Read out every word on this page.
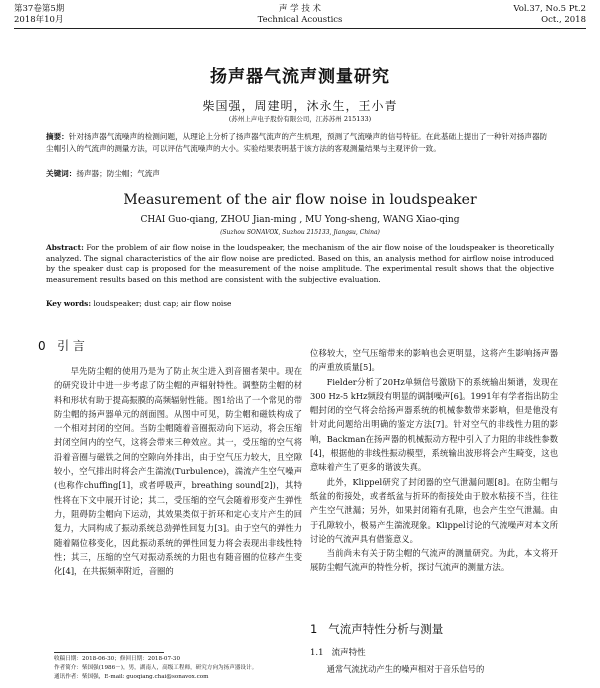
第37卷第5期
2018年10月
声 学 技 术
Technical Acoustics
Vol.37, No.5 Pt.2
Oct., 2018
扬声器气流声测量研究
柴国强，周建明，沐永生，王小青
(苏州上声电子股份有限公司，江苏苏州 215133)
摘要：针对扬声器气流噪声的检测问题，从理论上分析了扬声器气流声的产生机理，预测了气流噪声的信号特征。在此基础上提出了一种针对扬声器防尘帽引入的气流声的测量方法，可以评估气流噪声的大小。实验结果表明基于该方法的客观测量结果与主观评价一致。
关键词：扬声器；防尘帽；气流声
Measurement of the air flow noise in loudspeaker
CHAI Guo-qiang, ZHOU Jian-ming , MU Yong-sheng, WANG Xiao-qing
(Suzhou SONAVOX, Suzhou 215133, Jiangsu, China)
Abstract: For the problem of air flow noise in the loudspeaker, the mechanism of the air flow noise of the loudspeaker is theoretically analyzed. The signal characteristics of the air flow noise are predicted. Based on this, an analysis method for airflow noise introduced by the speaker dust cap is proposed for the measurement of the noise amplitude. The experimental result shows that the objective measurement results based on this method are consistent with the subjective evaluation.
Key words: loudspeaker; dust cap; air flow noise
0 引 言

早先防尘帽的使用乃是为了防止灰尘进入到音圈者架中。现在的研究设计中进一步考虑了防尘帽的声辐射特性。调整防尘帽的材料和形状有助于提高振膜的高频辐射性能。图1给出了一个常见的带防尘帽的扬声器单元的剖面图。从图中可见，防尘帽和磁铁构成了一个相对封闭的空间。当防尘帽随着音圈振动向下运动，将会压缩封闭空间内的空气，这将会带来三种效应。其一，受压缩的空气将沿着音圈与磁铁之间的空隙向外排出，由于空气压力较大，且空隙较小，空气排出时将会产生湍流(Turbulence)，湍流产生空气噪声(也称作chuffing[1]，或者呼吸声，breathing sound[2])，其特性将在下文中展开讨论；其二，受压缩的空气会随着形变产生弹性力，阻碍防尘帽向下运动，其效果类似于折环和定心支片产生的回复力，大同构成了振动系统总劲弹性回复力[3]。由于空气的弹性力随着隔位移变化，因此振动系统的弹性回复力将会表现出非线性特性；其三，压缩的空气对振动系统的力阻也有随音圈的位移产生变化[4]，在共振频率附近，音圈的

位移较大，空气压缩带来的影响也会更明显，这将产生影响扬声器的声重放质量[5]。

Fielder分析了20Hz单频信号激励下的系统输出频谱，发现在300 Hz-5 kHz频段有明显的调制噪声[6]。1991年有学者指出防尘帽封闭的空气将会给扬声器系统的机械参数带来影响，但是他没有针对此问题给出明确的鉴定方法[7]。针对空气的非线性力阻的影响，Backman在扬声器的机械振动方程中引入了力阻的非线性参数[4]，根据他的非线性振动模型，系统输出波形将会产生畸变，这也意味着产生了更多的谐波失真。

此外，Klippel研究了封闭器的空气泄漏问题[8]。在防尘帽与纸盆的衔接处，或者纸盆与折环的衔接处由于胶水粘接不当，往往产生空气泄漏；另外，如果封闭箱有孔隙，也会产生空气泄漏。由于孔隙较小，极易产生湍流现象。Klippel讨论的气流噪声对本文所讨论的气流声具有借鉴意义。

当前尚未有关于防尘帽的气流声的测量研究。为此，本文将开展防尘帽气流声的特性分析，探讨气流声的测量方法。

1 气流声特性分析与测量
1.1 流声特性
通常气流扰动产生的噪声相对于音乐信号的
收稿日期：2018-06-30；修回日期：2018-07-30
作者简介：柴国强(1986－)，男，湖南人，高级工程师，研究方向为扬声器设计。
通讯作者：柴国强，E-mail: guoqiang.chai@sonavox.com
